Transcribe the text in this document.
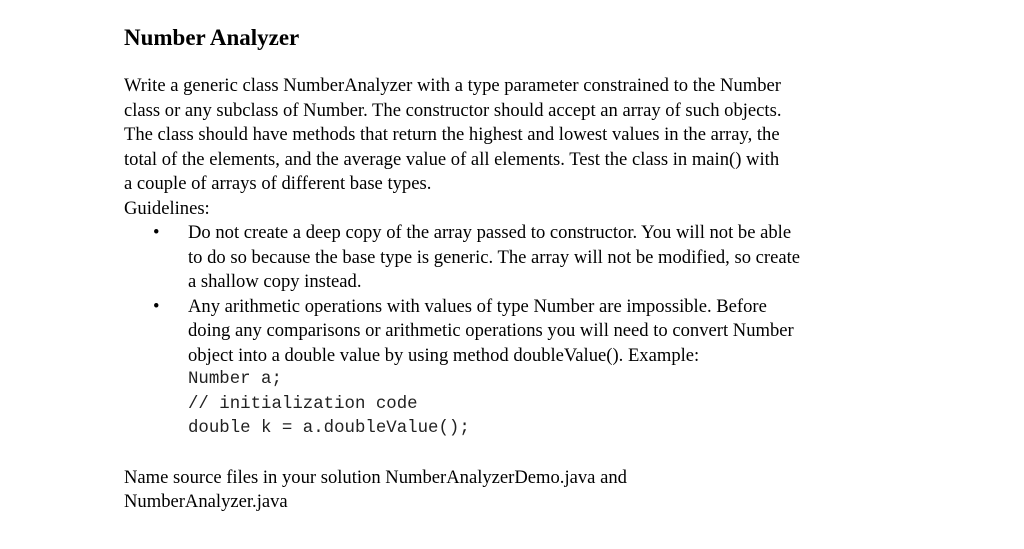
Number Analyzer
Write a generic class NumberAnalyzer with a type parameter constrained to the Number
class or any subclass of Number. The constructor should accept an array of such objects.
The class should have methods that return the highest and lowest values in the array, the
total of the elements, and the average value of all elements. Test the class in main() with
a couple of arrays of different base types.
Guidelines:
• Do not create a deep copy of the array passed to constructor. You will not be able
to do so because the base type is generic. The array will not be modified, so create
a shallow copy instead.
• Any arithmetic operations with values of type Number are impossible. Before
doing any comparisons or arithmetic operations you will need to convert Number
object into a double value by using method doubleValue(). Example:
Number a;
// initialization code
double k = a.doubleValue();
Name source files in your solution NumberAnalyzerDemo.java and
NumberAnalyzer.java
